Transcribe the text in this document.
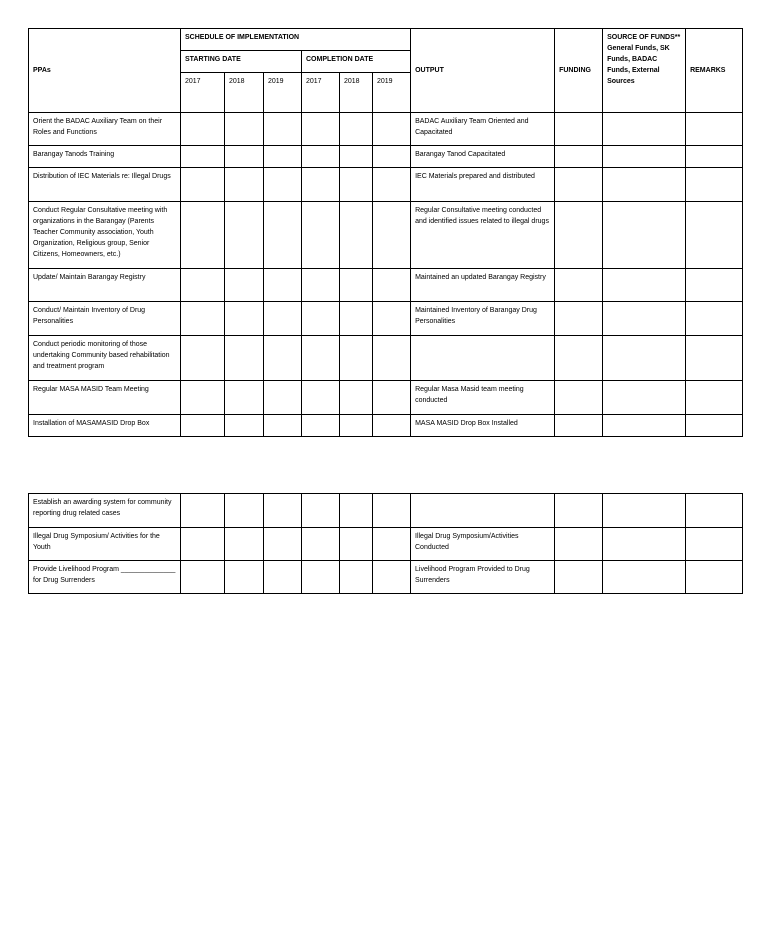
PPAs	SCHEDULE OF IMPLEMENTATION						OUTPUT	FUNDING	SOURCE OF FUNDS** General Funds, SK Funds, BADAC Funds, External Sources	REMARKS
	STARTING DATE			COMPLETION DATE						
	2017	2018	2019	2017	2018	2019				
Orient the BADAC Auxiliary Team on their Roles and Functions							BADAC Auxiliary Team Oriented and Capacitated			
Barangay Tanods Training							Barangay Tanod Capacitated			
Distribution of IEC Materials re: Illegal Drugs							IEC Materials prepared and distributed			
Conduct Regular Consultative meeting with organizations in the Barangay (Parents Teacher Community association, Youth Organization, Religious group, Senior Citizens, Homeowners, etc.)							Regular Consultative meeting conducted and identified issues related to illegal drugs			
Update/ Maintain Barangay Registry							Maintained an updated Barangay Registry			
Conduct/ Maintain Inventory of Drug Personalities							Maintained Inventory of Barangay Drug Personalities			
Conduct periodic monitoring of those undertaking Community based rehabilitation and treatment program										
Regular MASA MASID Team Meeting							Regular Masa Masid team meeting conducted			
Installation of MASAMASID Drop Box							MASA MASID Drop Box Installed			
Establish an awarding system for community reporting drug related cases										
Illegal Drug Symposium/ Activities for the Youth							Illegal Drug Symposium/Activities Conducted			
Provide Livelihood Program ______________ for Drug Surrenders							Livelihood Program Provided to Drug Surrenders			
